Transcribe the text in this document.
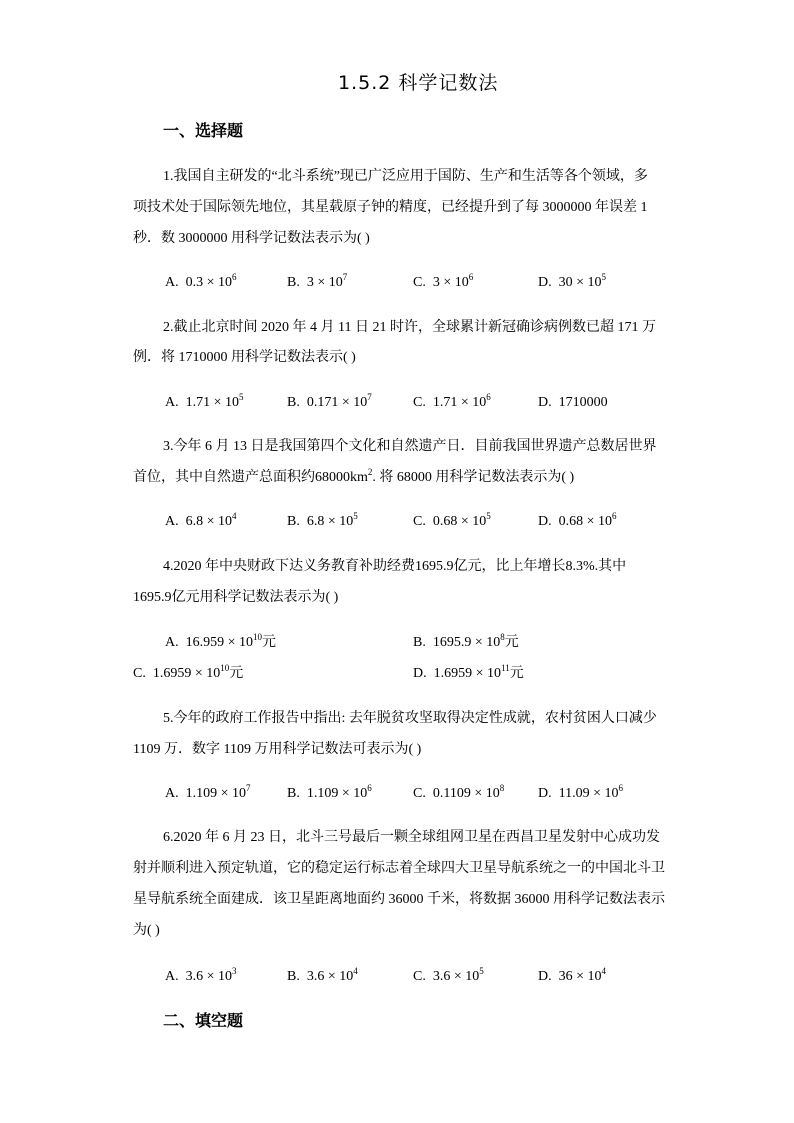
1.5.2 科学记数法
一、选择题
1.我国自主研发的“北斗系统”现已广泛应用于国防、生产和生活等各个领域，多
项技术处于国际领先地位，其星载原子钟的精度，已经提升到了每 3000000 年误差 1
秒．数 3000000 用科学记数法表示为( )
A. $0.3 \times 10^6$	B. $3 \times 10^7$	C. $3 \times 10^6$	D. $30 \times 10^5$
2.截止北京时间 2020 年 4 月 11 日 21 时许，全球累计新冠确诊病例数已超 171 万
例．将 1710000 用科学记数法表示( )
A. $1.71 \times 10^5$	B. $0.171 \times 10^7$	C. $1.71 \times 10^6$	D. 1710000
3.今年 6 月 13 日是我国第四个文化和自然遗产日．目前我国世界遗产总数居世界
首位，其中自然遗产总面积约$68000km^2$. 将 68000 用科学记数法表示为( )
A. $6.8 \times 10^4$	B. $6.8 \times 10^5$	C. $0.68 \times 10^5$	D. $0.68 \times 10^6$
4.2020 年中央财政下达义务教育补助经费1695.9亿元，比上年增长8.3%.其中
1695.9亿元用科学记数法表示为( )
A. $16.959 \times 10^{10}$元	B. $1695.9 \times 10^8$元
C. $1.6959 \times 10^{10}$元	D. $1.6959 \times 10^{11}$元
5.今年的政府工作报告中指出: 去年脱贫攻坚取得决定性成就，农村贫困人口减少
1109 万．数字 1109 万用科学记数法可表示为( )
A. $1.109 \times 10^7$	B. $1.109 \times 10^6$	C. $0.1109 \times 10^8$ D. $11.09 \times 10^6$
6.2020 年 6 月 23 日，北斗三号最后一颗全球组网卫星在西昌卫星发射中心成功发
射并顺利进入预定轨道，它的稳定运行标志着全球四大卫星导航系统之一的中国北斗卫
星导航系统全面建成．该卫星距离地面约 36000 千米，将数据 36000 用科学记数法表示
为( )
A. $3.6 \times 10^3$	B. $3.6 \times 10^4$	C. $3.6 \times 10^5$	D. $36 \times 10^4$
二、填空题
